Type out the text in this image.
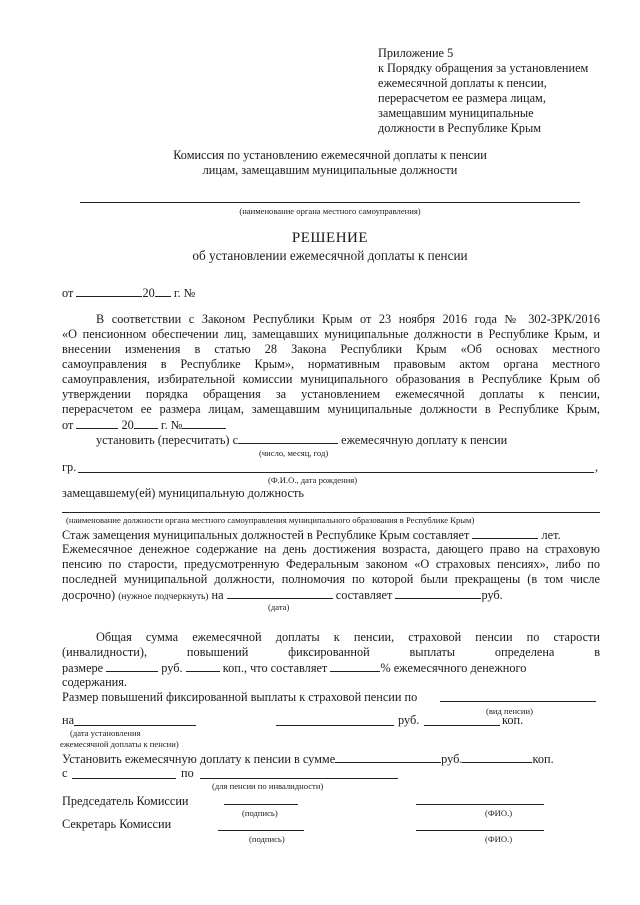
Приложение 5
к Порядку обращения за установлением
ежемесячной доплаты к пенсии,
перерасчетом ее размера лицам,
замещавшим муниципальные
должности в Республике Крым
Комиссия по установлению ежемесячной доплаты к пенсии
лицам, замещавшим муниципальные должности
(наименование органа местного самоуправления)
РЕШЕНИЕ
об установлении ежемесячной доплаты к пенсии
от	20 г. №
В соответствии с Законом Республики Крым от 23 ноября 2016 года № 302-ЗРК/2016
«О пенсионном обеспечении лиц, замещавших муниципальные должности в Республике Крым, и
внесении изменения в статью 28 Закона Республики Крым «Об основах местного
самоуправления в Республике Крым», нормативным правовым актом органа местного
самоуправления, избирательной комиссии муниципального образования в Республике Крым об
утверждении порядка обращения за установлением ежемесячной доплаты к пенсии,
перерасчетом ее размера лицам, замещавшим муниципальные должности в Республике Крым,
от	20 г. №
установить (пересчитать) с	ежемесячную доплату к пенсии
(число, месяц, год)
гр.	,
(Ф.И.О., дата рождения)
замещавшему(ей) муниципальную должность
(наименование должности органа местного самоуправления муниципального образования в Республике Крым)
Стаж замещения муниципальных должностей в Республике Крым составляет	лет.
Ежемесячное денежное содержание на день достижения возраста, дающего право на страховую
пенсию по старости, предусмотренную Федеральным законом «О страховых пенсиях», либо по
последней муниципальной должности, полномочия по которой были прекращены (в том числе
досрочно) (нужное подчеркнуть) на	составляет	руб.
(дата)
Общая сумма ежемесячной доплаты к пенсии, страховой пенсии по старости
(инвалидности), повышений фиксированной выплаты определена в
размере	руб.	коп., что составляет	% ежемесячного денежного
содержания.
Размер повышений фиксированной выплаты к страховой пенсии по
(вид пенсии)
на	руб.	коп.
(дата установления
ежемесячной доплаты к пенсии)
Установить ежемесячную доплату к пенсии в сумме	руб.	коп.
с	по
(для пенсии по инвалидности)
Председатель Комиссии
(подпись)	(ФИО.)
Секретарь Комиссии
(подпись)	(ФИО.)
